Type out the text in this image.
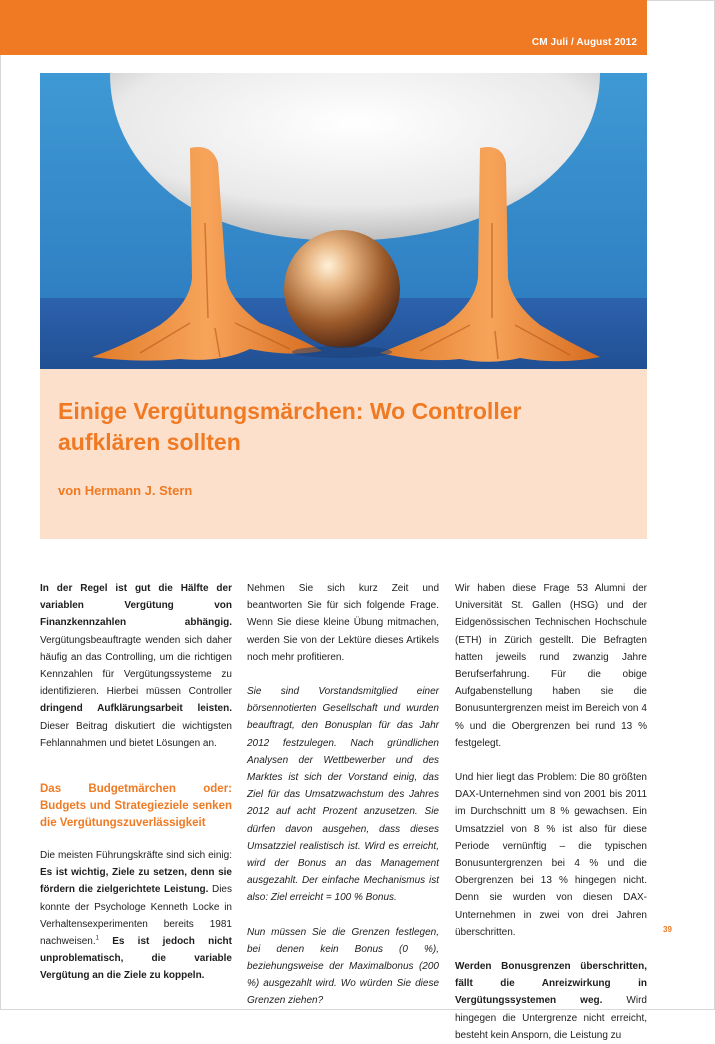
CM Juli / August 2012
Einige Vergütungsmärchen: Wo Controller aufklären sollten
von Hermann J. Stern

In der Regel ist gut die Hälfte der variablen Vergütung von Finanzkennzahlen abhängig. Vergütungsbeauftragte wenden sich daher häufig an das Controlling, um die richtigen Kennzahlen für Vergütungssysteme zu identifizieren. Hierbei müssen Controller dringend Aufklärungsarbeit leisten. Dieser Beitrag diskutiert die wichtigsten Fehlannahmen und bietet Lösungen an.

Das Budgetmärchen oder: Budgets und Strategieziele senken die Vergütungszuverlässigkeit

Die meisten Führungskräfte sind sich einig: Es ist wichtig, Ziele zu setzen, denn sie fördern die zielgerichtete Leistung. Dies konnte der Psychologe Kenneth Locke in Verhaltensexperimenten bereits 1981 nachweisen.$^1$ Es ist jedoch nicht unproblematisch, die variable Vergütung an die Ziele zu koppeln.

Nehmen Sie sich kurz Zeit und beantworten Sie für sich folgende Frage. Wenn Sie diese kleine Übung mitmachen, werden Sie von der Lektüre dieses Artikels noch mehr profitieren.

Sie sind Vorstandsmitglied einer börsennotierten Gesellschaft und wurden beauftragt, den Bonusplan für das Jahr 2012 festzulegen. Nach gründlichen Analysen der Wettbewerber und des Marktes ist sich der Vorstand einig, das Ziel für das Umsatzwachstum des Jahres 2012 auf acht Prozent anzusetzen. Sie dürfen davon ausgehen, dass dieses Umsatzziel realistisch ist. Wird es erreicht, wird der Bonus an das Management ausgezahlt. Der einfache Mechanismus ist also: Ziel erreicht = 100 % Bonus.

Nun müssen Sie die Grenzen festlegen, bei denen kein Bonus (0 %), beziehungsweise der Maximalbonus (200 %) ausgezahlt wird. Wo würden Sie diese Grenzen ziehen?

Wir haben diese Frage 53 Alumni der Universität St. Gallen (HSG) und der Eidgenössischen Technischen Hochschule (ETH) in Zürich gestellt. Die Befragten hatten jeweils rund zwanzig Jahre Berufserfahrung. Für die obige Aufgabenstellung haben sie die Bonusuntergrenzen meist im Bereich von 4 % und die Obergrenzen bei rund 13 % festgelegt.

Und hier liegt das Problem: Die 80 größten DAX-Unternehmen sind von 2001 bis 2011 im Durchschnitt um 8 % gewachsen. Ein Umsatzziel von 8 % ist also für diese Periode vernünftig – die typischen Bonusuntergrenzen bei 4 % und die Obergrenzen bei 13 % hingegen nicht. Denn sie wurden von diesen DAX-Unternehmen in zwei von drei Jahren überschritten.

Werden Bonusgrenzen überschritten, fällt die Anreizwirkung in Vergütungssystemen weg. Wird hingegen die Untergrenze nicht erreicht, besteht kein Ansporn, die Leistung zu

39
